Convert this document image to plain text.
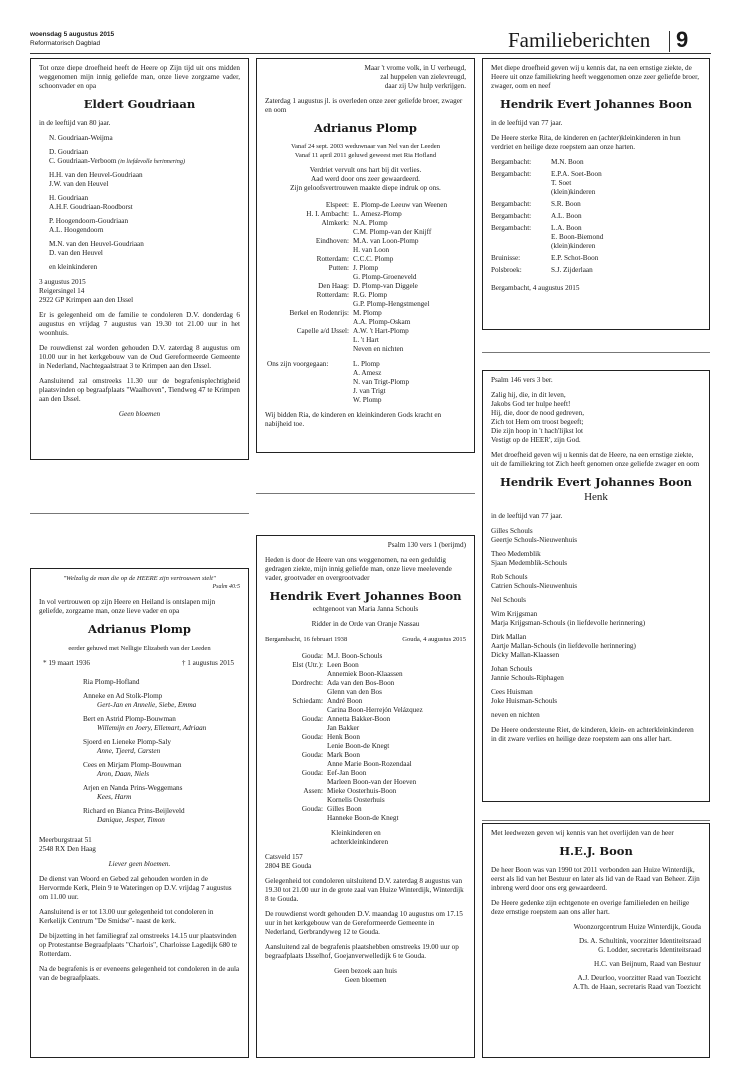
woensdag 5 augustus 2015
Reformatorisch Dagblad	Familieberichten 9

Tot onze diepe droefheid heeft de Heere op Zijn tijd uit ons midden weggenomen mijn innig geliefde man, onze lieve zorgzame vader, schoonvader en opa

Eldert Goudriaan

in de leeftijd van 80 jaar.

N. Goudriaan-Weijma
D. Goudriaan
C. Goudriaan-Verboom (in liefdevolle herinnering)
H.H. van den Heuvel-Goudriaan
J.W. van den Heuvel
H. Goudriaan
A.H.F. Goudriaan-Roodborst
P. Hoogendoorn-Goudriaan
A.L. Hoogendoorn
M.N. van den Heuvel-Goudriaan
D. van den Heuvel
en kleinkinderen
3 augustus 2015
Reigersingel 14
2922 GP Krimpen aan den IJssel

Er is gelegenheid om de familie te condoleren D.V. donderdag 6 augustus en vrijdag 7 augustus van 19.30 tot 21.00 uur in het woonhuis.

De rouwdienst zal worden gehouden D.V. zaterdag 8 augustus om 10.00 uur in het kerkgebouw van de Oud Gereformeerde Gemeente in Nederland, Nachtegaalstraat 3 te Krimpen aan den IJssel.

Aansluitend zal omstreeks 11.30 uur de begrafenisplechtigheid plaatsvinden op begraafplaats "Waalhoven", Tiendweg 47 te Krimpen aan den IJssel.

Geen bloemen

Maar 't vrome volk, in U verheugd,
zal huppelen van zielevreugd,
daar zij Uw hulp verkrijgen.

Zaterdag 1 augustus jl. is overleden onze zeer geliefde broer, zwager en oom

Adrianus Plomp
Vanaf 24 sept. 2003 weduwnaar van Nel van der Leeden
Vanaf 11 april 2011 geluwd geweest met Ria Hofland
Verdriet vervult ons hart bij dit verlies.
Aad werd door ons zeer gewaardeerd.
Zijn geloofsvertrouwen maakte diepe indruk op ons.
Elspeet: E. Plomp-de Leeuw van Weenen
H. I. Ambacht: L. Amesz-Plomp
Almkerk: N.A. Plomp
C.M. Plomp-van der Knijff
Eindhoven: M.A. van Loon-Plomp
H. van Loon
Rotterdam: C.C.C. Plomp
Putten: J. Plomp
G. Plomp-Groeneveld
Den Haag: D. Plomp-van Diggele
Rotterdam: R.G. Plomp
G.P. Plomp-Hengstmengel
Berkel en Rodenrijs: M. Plomp
A.A. Plomp-Oskam
Capelle a/d IJssel: A.W. 't Hart-Plomp
L. 't Hart
Neven en nichten
Ons zijn voorgegaan:	L. Plomp
A. Amesz
N. van Trigt-Plomp
J. van Trigt
W. Plomp

Wij bidden Ria, de kinderen en kleinkinderen Gods kracht en nabijheid toe.

Met diepe droefheid geven wij u kennis dat, na een ernstige ziekte, de Heere uit onze familiekring heeft weggenomen onze zeer geliefde broer, zwager, oom en neef

Hendrik Evert Johannes Boon

in de leeftijd van 77 jaar.

De Heere sterke Rita, de kinderen en (achter)kleinkinderen in hun verdriet en heilige deze roepstem aan onze harten.

Bergambacht:	M.N. Boon
Bergambacht:	E.P.A. Soet-Boon
T. Soet
(klein)kinderen
Bergambacht:	S.R. Boon
Bergambacht:	A.L. Boon
Bergambacht:	L.A. Boon
E. Boon-Biemond
(klein)kinderen
Bruinisse:	E.P. Schot-Boon
Polsbroek:	S.J. Zijderlaan
Bergambacht, 4 augustus 2015

Psalm 146 vers 3 ber.

Zalig hij, die, in dit leven,
Jakobs God ter hulpe heeft!
Hij, die, door de nood gedreven,
Zich tot Hem om troost begeeft;
Die zijn hoop in 't hach'lijkst lot
Vestigt op de HEER', zijn God.

Met droefheid geven wij u kennis dat de Heere, na een ernstige ziekte, uit de familiekring tot Zich heeft genomen onze geliefde zwager en oom

Hendrik Evert Johannes Boon
Henk

in de leeftijd van 77 jaar.

Gilles Schouls
Geertje Schouls-Nieuwenhuis
Theo Medemblik
Sjaan Medemblik-Schouls
Rob Schouls
Catrien Schouls-Nieuwenhuis
Nel Schouls
Wim Krijgsman
Marja Krijgsman-Schouls (in liefdevolle herinnering)
Dirk Mallan
Aartje Mallan-Schouls (in liefdevolle herinnering)
Dicky Mallan-Klaassen
Johan Schouls
Jannie Schouls-Riphagen
Cees Huisman
Joke Huisman-Schouls
neven en nichten

De Heere ondersteune Riet, de kinderen, klein- en achterkleinkinderen in dit zware verlies en heilige deze roepstem aan ons aller hart.

"Welzalig de man die op de HEERE zijn vertrouwen stelt"
Psalm 40:5

In vol vertrouwen op zijn Heere en Heiland is ontslapen mijn geliefde, zorgzame man, onze lieve vader en opa

Adrianus Plomp

eerder gehuwd met Nelligje Elizabeth van der Leeden

* 19 maart 1936	† 1 augustus 2015
Ria Plomp-Hofland
Anneke en Ad Stolk-Plomp
Gert-Jan en Annelie, Siebe, Emma
Bert en Astrid Plomp-Bouwman
Willemijn en Joery, Ellemart, Adriaan
Sjoerd en Lieneke Plomp-Saly
Anne, Tjeerd, Carsten
Cees en Mirjam Plomp-Bouwman
Aron, Daan, Niels
Arjen en Nanda Prins-Weggemans
Kees, Harm
Richard en Bianca Prins-Beijleveld
Danique, Jesper, Timon
Meerburgstraat 51
2548 RX Den Haag

Liever geen bloemen.

De dienst van Woord en Gebed zal gehouden worden in de Hervormde Kerk, Plein 9 te Wateringen op D.V. vrijdag 7 augustus om 11.00 uur.

Aansluitend is er tot 13.00 uur gelegenheid tot condoleren in Kerkelijk Centrum "De Smidse"- naast de kerk.

De bijzetting in het familiegraf zal omstreeks 14.15 uur plaatsvinden op Protestantse Begraafplaats "Charlois", Charloisse Lagedijk 680 te Rotterdam.

Na de begrafenis is er eveneens gelegenheid tot condoleren in de aula van de begraafplaats.

Psalm 130 vers 1 (berijmd)

Heden is door de Heere van ons weggenomen, na een geduldig gedragen ziekte, mijn innig geliefde man, onze lieve meelevende vader, grootvader en overgrootvader

Hendrik Evert Johannes Boon
echtgenoot van Maria Janna Schouls
Ridder in de Orde van Oranje Nassau
Bergambacht, 16 februari 1938	Gouda, 4 augustus 2015
Gouda: M.J. Boon-Schouls
Elst (Utr.): Leen Boon
Annemiek Boon-Klaassen
Dordrecht: Ada van den Bos-Boon
Glenn van den Bos
Schiedam: André Boon
Carina Boon-Herrejón Velázquez
Gouda: Annetta Bakker-Boon
Jan Bakker
Gouda: Henk Boon
Lenie Boon-de Knegt
Gouda: Mark Boon
Anne Marie Boon-Rozendaal
Gouda: Eef-Jan Boon
Marleen Boon-van der Hoeven
Assen: Mieke Oosterhuis-Boon
Kornelis Oosterhuis
Gouda: Gilles Boon
Hanneke Boon-de Knegt
Kleinkinderen en
achterkleinkinderen
Catsveld 157
2804 BE Gouda

Gelegenheid tot condoleren uitsluitend D.V. zaterdag 8 augustus van 19.30 tot 21.00 uur in de grote zaal van Huize Winterdijk, Winterdijk 8 te Gouda.

De rouwdienst wordt gehouden D.V. maandag 10 augustus om 17.15 uur in het kerkgebouw van de Gereformeerde Gemeente in Nederland, Gerbrandyweg 12 te Gouda.

Aansluitend zal de begrafenis plaatshebben omstreeks 19.00 uur op begraafplaats IJsselhof, Goejanverwelledijk 6 te Gouda.

Geen bezoek aan huis
Geen bloemen

Met leedwezen geven wij kennis van het overlijden van de heer

H.E.J. Boon

De heer Boon was van 1990 tot 2011 verbonden aan Huize Winterdijk, eerst als lid van het Bestuur en later als lid van de Raad van Beheer. Zijn inbreng werd door ons erg gewaardeerd.

De Heere gedenke zijn echtgenote en overige familieleden en heilige deze ernstige roepstem aan ons aller hart.

Woonzorgcentrum Huize Winterdijk, Gouda
Ds. A. Schultink, voorzitter Identiteitsraad
G. Lodder, secretaris Identiteitsraad
H.C. van Beijnum, Raad van Bestuur
A.J. Deurloo, voorzitter Raad van Toezicht
A.Th. de Haan, secretaris Raad van Toezicht
